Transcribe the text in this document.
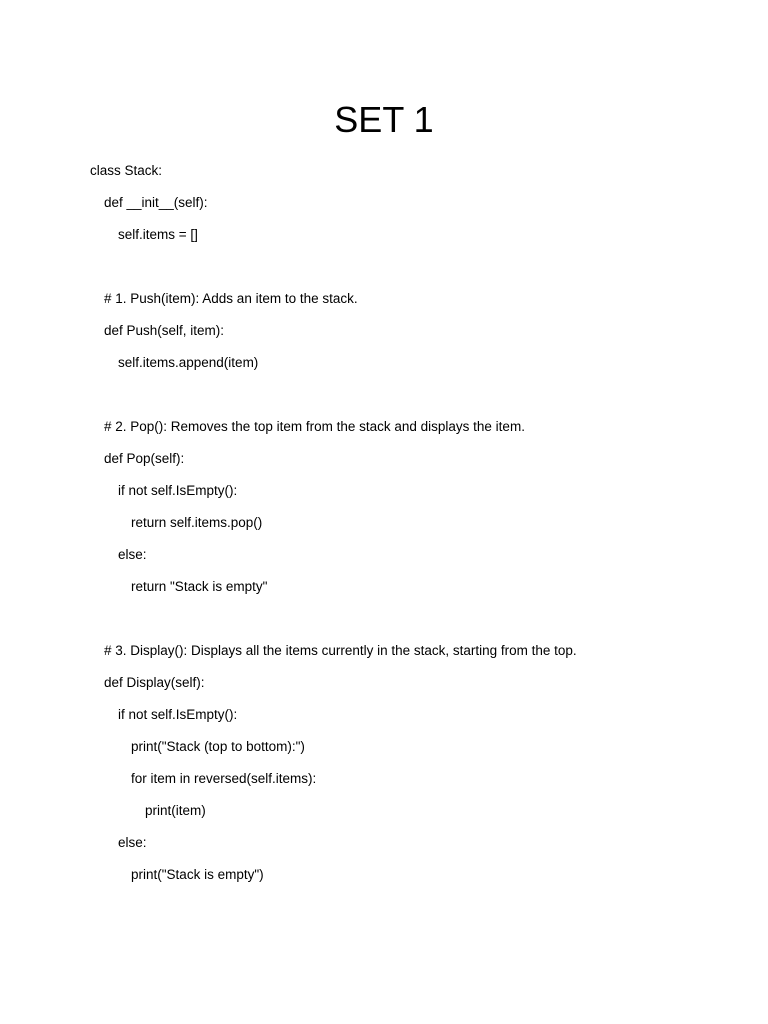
SET 1
class Stack:
def __init__(self):
self.items = []
# 1. Push(item): Adds an item to the stack.
def Push(self, item):
self.items.append(item)
# 2. Pop(): Removes the top item from the stack and displays the item.
def Pop(self):
if not self.IsEmpty():
return self.items.pop()
else:
return "Stack is empty"
# 3. Display(): Displays all the items currently in the stack, starting from the top.
def Display(self):
if not self.IsEmpty():
print("Stack (top to bottom):")
for item in reversed(self.items):
print(item)
else:
print("Stack is empty")
